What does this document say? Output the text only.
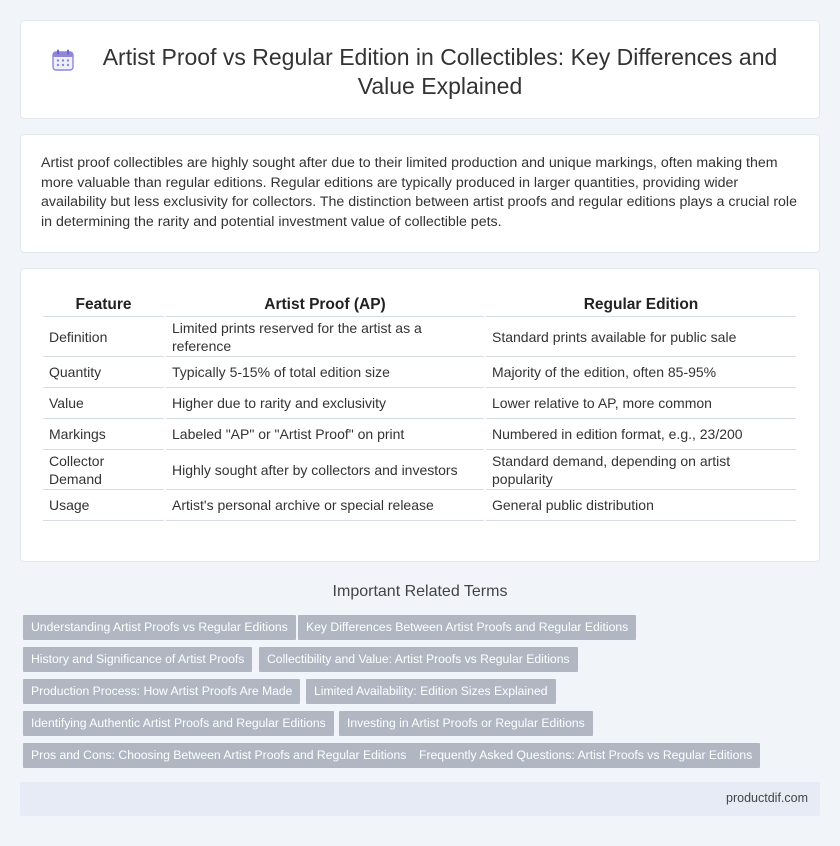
Artist Proof vs Regular Edition in Collectibles: Key Differences and Value Explained

Artist proof collectibles are highly sought after due to their limited production and unique markings, often making them more valuable than regular editions. Regular editions are typically produced in larger quantities, providing wider availability but less exclusivity for collectors. The distinction between artist proofs and regular editions plays a crucial role in determining the rarity and potential investment value of collectible pets.

Feature	Artist Proof (AP)	Regular Edition
Definition	Limited prints reserved for the artist as a reference	Standard prints available for public sale
Quantity	Typically 5-15% of total edition size	Majority of the edition, often 85-95%
Value	Higher due to rarity and exclusivity	Lower relative to AP, more common
Markings	Labeled "AP" or "Artist Proof" on print	Numbered in edition format, e.g., 23/200
Collector Demand	Highly sought after by collectors and investors	Standard demand, depending on artist popularity
Usage	Artist's personal archive or special release	General public distribution
Important Related Terms
Understanding Artist Proofs vs Regular Editions	Key Differences Between Artist Proofs and Regular Editions
History and Significance of Artist Proofs	Collectibility and Value: Artist Proofs vs Regular Editions
Production Process: How Artist Proofs Are Made	Limited Availability: Edition Sizes Explained
Identifying Authentic Artist Proofs and Regular Editions	Investing in Artist Proofs or Regular Editions
Pros and Cons: Choosing Between Artist Proofs and Regular Editions	Frequently Asked Questions: Artist Proofs vs Regular Editions
productdif.com
